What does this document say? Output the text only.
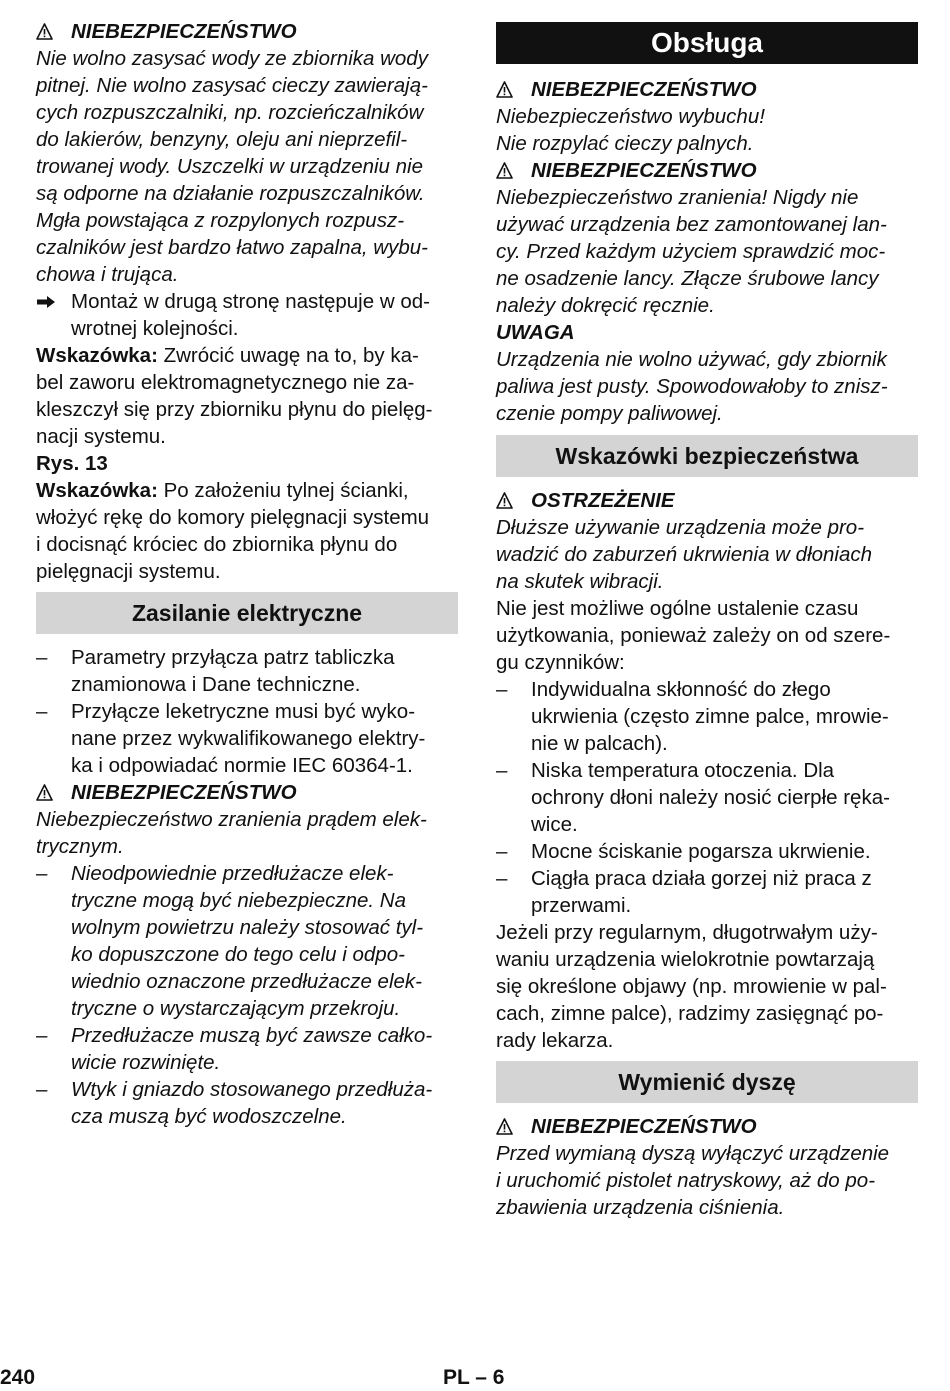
NIEBEZPIECZEŃSTWO
Nie wolno zasysać wody ze zbiornika wody
pitnej. Nie wolno zasysać cieczy zawierają-
cych rozpuszczalniki, np. rozcieńczalników
do lakierów, benzyny, oleju ani nieprzefil-
trowanej wody. Uszczelki w urządzeniu nie
są odporne na działanie rozpuszczalników.
Mgła powstająca z rozpylonych rozpusz-
czalników jest bardzo łatwo zapalna, wybu-
chowa i trująca.
Montaż w drugą stronę następuje w od-
wrotnej kolejności.
Wskazówka: Zwrócić uwagę na to, by ka-
bel zaworu elektromagnetycznego nie za-
kleszczył się przy zbiorniku płynu do pielęg-
nacji systemu.
Rys. 13
Wskazówka: Po założeniu tylnej ścianki,
włożyć rękę do komory pielęgnacji systemu
i docisnąć króciec do zbiornika płynu do
pielęgnacji systemu.
Zasilanie elektryczne
–	Parametry przyłącza patrz tabliczka
znamionowa i Dane techniczne.
–	Przyłącze leketryczne musi być wyko-
nane przez wykwalifikowanego elektry-
ka i odpowiadać normie IEC 60364-1.
NIEBEZPIECZEŃSTWO
Niebezpieczeństwo zranienia prądem elek-
trycznym.
–	Nieodpowiednie przedłużacze elek-
tryczne mogą być niebezpieczne. Na
wolnym powietrzu należy stosować tyl-
ko dopuszczone do tego celu i odpo-
wiednio oznaczone przedłużacze elek-
tryczne o wystarczającym przekroju.
–	Przedłużacze muszą być zawsze całko-
wicie rozwinięte.
–	Wtyk i gniazdo stosowanego przedłuża-
cza muszą być wodoszczelne.
Obsługa
NIEBEZPIECZEŃSTWO
Niebezpieczeństwo wybuchu!
Nie rozpylać cieczy palnych.
NIEBEZPIECZEŃSTWO
Niebezpieczeństwo zranienia! Nigdy nie
używać urządzenia bez zamontowanej lan-
cy. Przed każdym użyciem sprawdzić moc-
ne osadzenie lancy. Złącze śrubowe lancy
należy dokręcić ręcznie.
UWAGA
Urządzenia nie wolno używać, gdy zbiornik
paliwa jest pusty. Spowodowałoby to znisz-
czenie pompy paliwowej.
Wskazówki bezpieczeństwa
OSTRZEŻENIE
Dłuższe używanie urządzenia może pro-
wadzić do zaburzeń ukrwienia w dłoniach
na skutek wibracji.
Nie jest możliwe ogólne ustalenie czasu
użytkowania, ponieważ zależy on od szere-
gu czynników:
–	Indywidualna skłonność do złego
ukrwienia (często zimne palce, mrowie-
nie w palcach).
–	Niska temperatura otoczenia. Dla
ochrony dłoni należy nosić cierpłe ręka-
wice.
–	Mocne ściskanie pogarsza ukrwienie.
–	Ciągła praca działa gorzej niż praca z
przerwami.
Jeżeli przy regularnym, długotrwałym uży-
waniu urządzenia wielokrotnie powtarzają
się określone objawy (np. mrowienie w pal-
cach, zimne palce), radzimy zasięgnąć po-
rady lekarza.
Wymienić dyszę
NIEBEZPIECZEŃSTWO
Przed wymianą dyszą wyłączyć urządzenie
i uruchomić pistolet natryskowy, aż do po-
zbawienia urządzenia ciśnienia.
240	PL – 6
